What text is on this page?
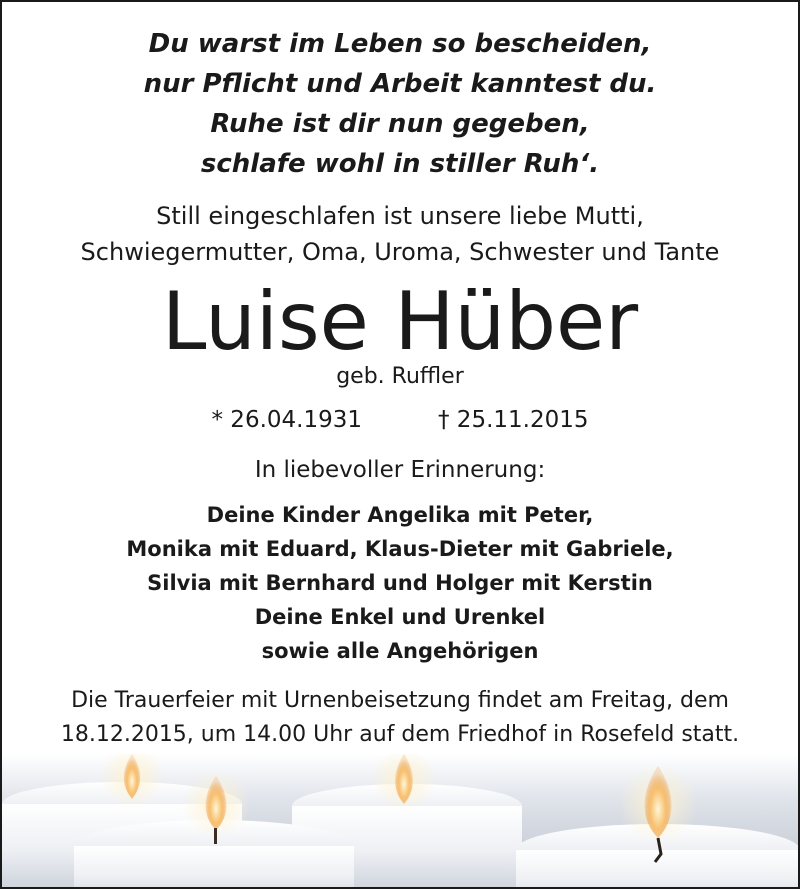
Du warst im Leben so bescheiden,
nur Pflicht und Arbeit kanntest du.
Ruhe ist dir nun gegeben,
schlafe wohl in stiller Ruh‘.
Still eingeschlafen ist unsere liebe Mutti,
Schwiegermutter, Oma, Uroma, Schwester und Tante
Luise Hüber
geb. Ruffler
* 26.04.1931	† 25.11.2015
In liebevoller Erinnerung:
Deine Kinder Angelika mit Peter,
Monika mit Eduard, Klaus-Dieter mit Gabriele,
Silvia mit Bernhard und Holger mit Kerstin
Deine Enkel und Urenkel
sowie alle Angehörigen
Die Trauerfeier mit Urnenbeisetzung findet am Freitag, dem
18.12.2015, um 14.00 Uhr auf dem Friedhof in Rosefeld statt.
